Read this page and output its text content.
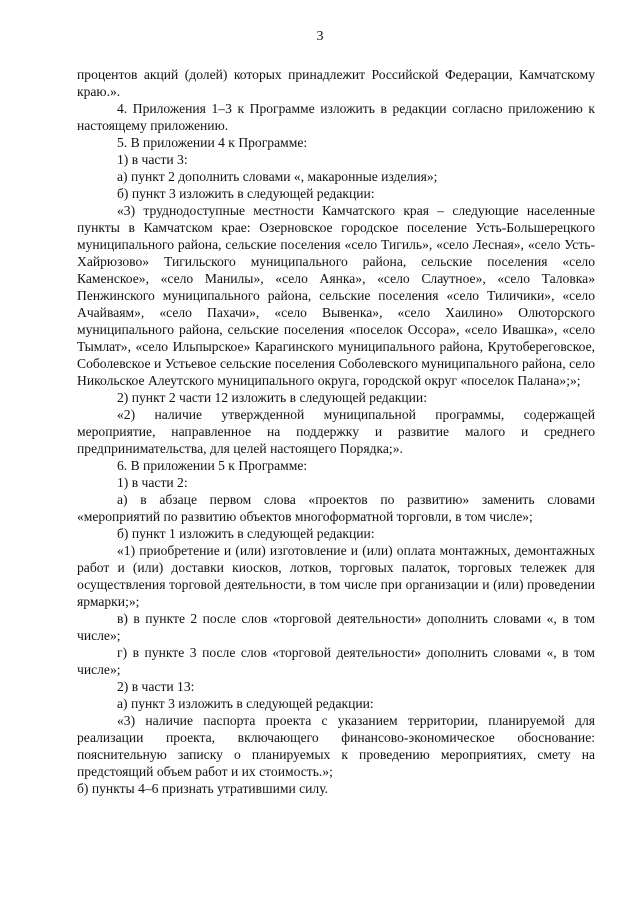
3

процентов акций (долей) которых принадлежит Российской Федерации, Камчатскому краю.».

4. Приложения 1–3 к Программе изложить в редакции согласно приложению к настоящему приложению.

5. В приложении 4 к Программе:

1) в части 3:

а) пункт 2 дополнить словами «, макаронные изделия»;

б) пункт 3 изложить в следующей редакции:

«3) труднодоступные местности Камчатского края – следующие населенные пункты в Камчатском крае: Озерновское городское поселение Усть-Большерецкого муниципального района, сельские поселения «село Тигиль», «село Лесная», «село Усть-Хайрюзово» Тигильского муниципального района, сельские поселения «село Каменское», «село Манилы», «село Аянка», «село Слаутное», «село Таловка» Пенжинского муниципального района, сельские поселения «село Тиличики», «село Ачайваям», «село Пахачи», «село Вывенка», «село Хаилино» Олюторского муниципального района, сельские поселения «поселок Оссора», «село Ивашка», «село Тымлат», «село Ильпырское» Карагинского муниципального района, Крутобереговское, Соболевское и Устьевое сельские поселения Соболевского муниципального района, село Никольское Алеутского муниципального округа, городской округ «поселок Палана»;»;

2) пункт 2 части 12 изложить в следующей редакции:

«2) наличие утвержденной муниципальной программы, содержащей мероприятие, направленное на поддержку и развитие малого и среднего предпринимательства, для целей настоящего Порядка;».

6. В приложении 5 к Программе:

1) в части 2:

а) в абзаце первом слова «проектов по развитию» заменить словами «мероприятий по развитию объектов многоформатной торговли, в том числе»;

б) пункт 1 изложить в следующей редакции:

«1) приобретение и (или) изготовление и (или) оплата монтажных, демонтажных работ и (или) доставки киосков, лотков, торговых палаток, торговых тележек для осуществления торговой деятельности, в том числе при организации и (или) проведении ярмарки;»;

в) в пункте 2 после слов «торговой деятельности» дополнить словами «, в том числе»;

г) в пункте 3 после слов «торговой деятельности» дополнить словами «, в том числе»;

2) в части 13:

а) пункт 3 изложить в следующей редакции:

«3) наличие паспорта проекта с указанием территории, планируемой для реализации проекта, включающего финансово-экономическое обоснование: пояснительную записку о планируемых к проведению мероприятиях, смету на предстоящий объем работ и их стоимость.»;

б) пункты 4–6 признать утратившими силу.
